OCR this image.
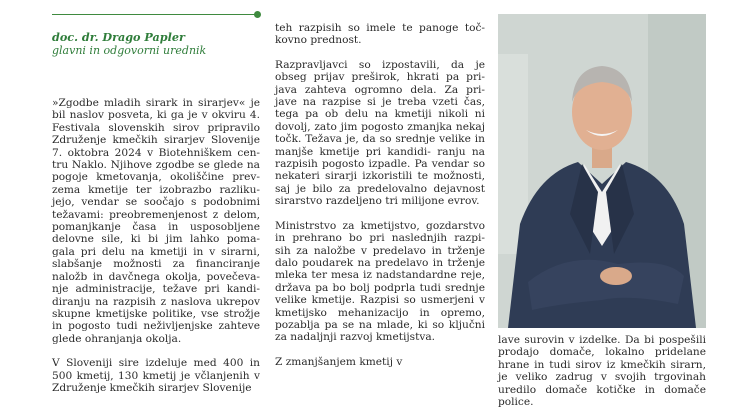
doc. dr. Drago Papler
glavni in odgovorni urednik

»Zgodbe mladih sirark in sirarjev« je bil naslov posveta, ki ga je v okviru 4. Festivala slovenskih sirov pripravilo Združenje kmečkih sirarjev Slovenije 7. oktobra 2024 v Biotehniškem cen- tru Naklo. Njihove zgodbe se glede na pogoje kmetovanja, okoliščine prev- zema kmetije ter izobrazbo razliku- jejo, vendar se soočajo s podobnimi težavami: preobremenjenost z delom, pomanjkanje časa in usposobljene delovne sile, ki bi jim lahko poma- gala pri delu na kmetiji in v sirarni, slabšanje možnosti za financiranje naložb in davčnega okolja, povečeva- nje administracije, težave pri kandi- diranju na razpisih z naslova ukrepov skupne kmetijske politike, vse strožje in pogosto tudi neživljenjske zahteve glede ohranjanja okolja.

V Sloveniji sire izdeluje med 400 in 500 kmetij, 130 kmetij je včlanjenih v Združenje kmečkih sirarjev Slovenije

teh razpisih so imele te panoge toč- kovno prednost.

Razpravljavci so izpostavili, da je obseg prijav preširok, hkrati pa pri- java zahteva ogromno dela. Za pri- jave na razpise si je treba vzeti čas, tega pa ob delu na kmetiji nikoli ni dovolj, zato jim pogosto zmanjka nekaj točk. Težava je, da so srednje velike in manjše kmetije pri kandidi- ranju na razpisih pogosto izpadle. Pa vendar so nekateri sirarji izkoristili te možnosti, saj je bilo za predelovalno dejavnost sirarstvo razdeljeno tri milijone evrov.

Ministrstvo za kmetijstvo, gozdarstvo in prehrano bo pri naslednjih razpi- sih za naložbe v predelavo in trženje dalo poudarek na predelavo in trženje mleka ter mesa iz nadstandardne reje, država pa bo bolj podprla tudi srednje velike kmetije. Razpisi so usmerjeni v kmetijsko mehanizacijo in opremo, pozablja pa se na mlade, ki so ključni za nadaljnji razvoj kmetijstva.

Z zmanjšanjem kmetij v

lave surovin v izdelke. Da bi pospešili prodajo domače, lokalno pridelane hrane in tudi sirov iz kmečkih sirarn, je veliko zadrug v svojih trgovinah uredilo domače kotičke in domače police.
